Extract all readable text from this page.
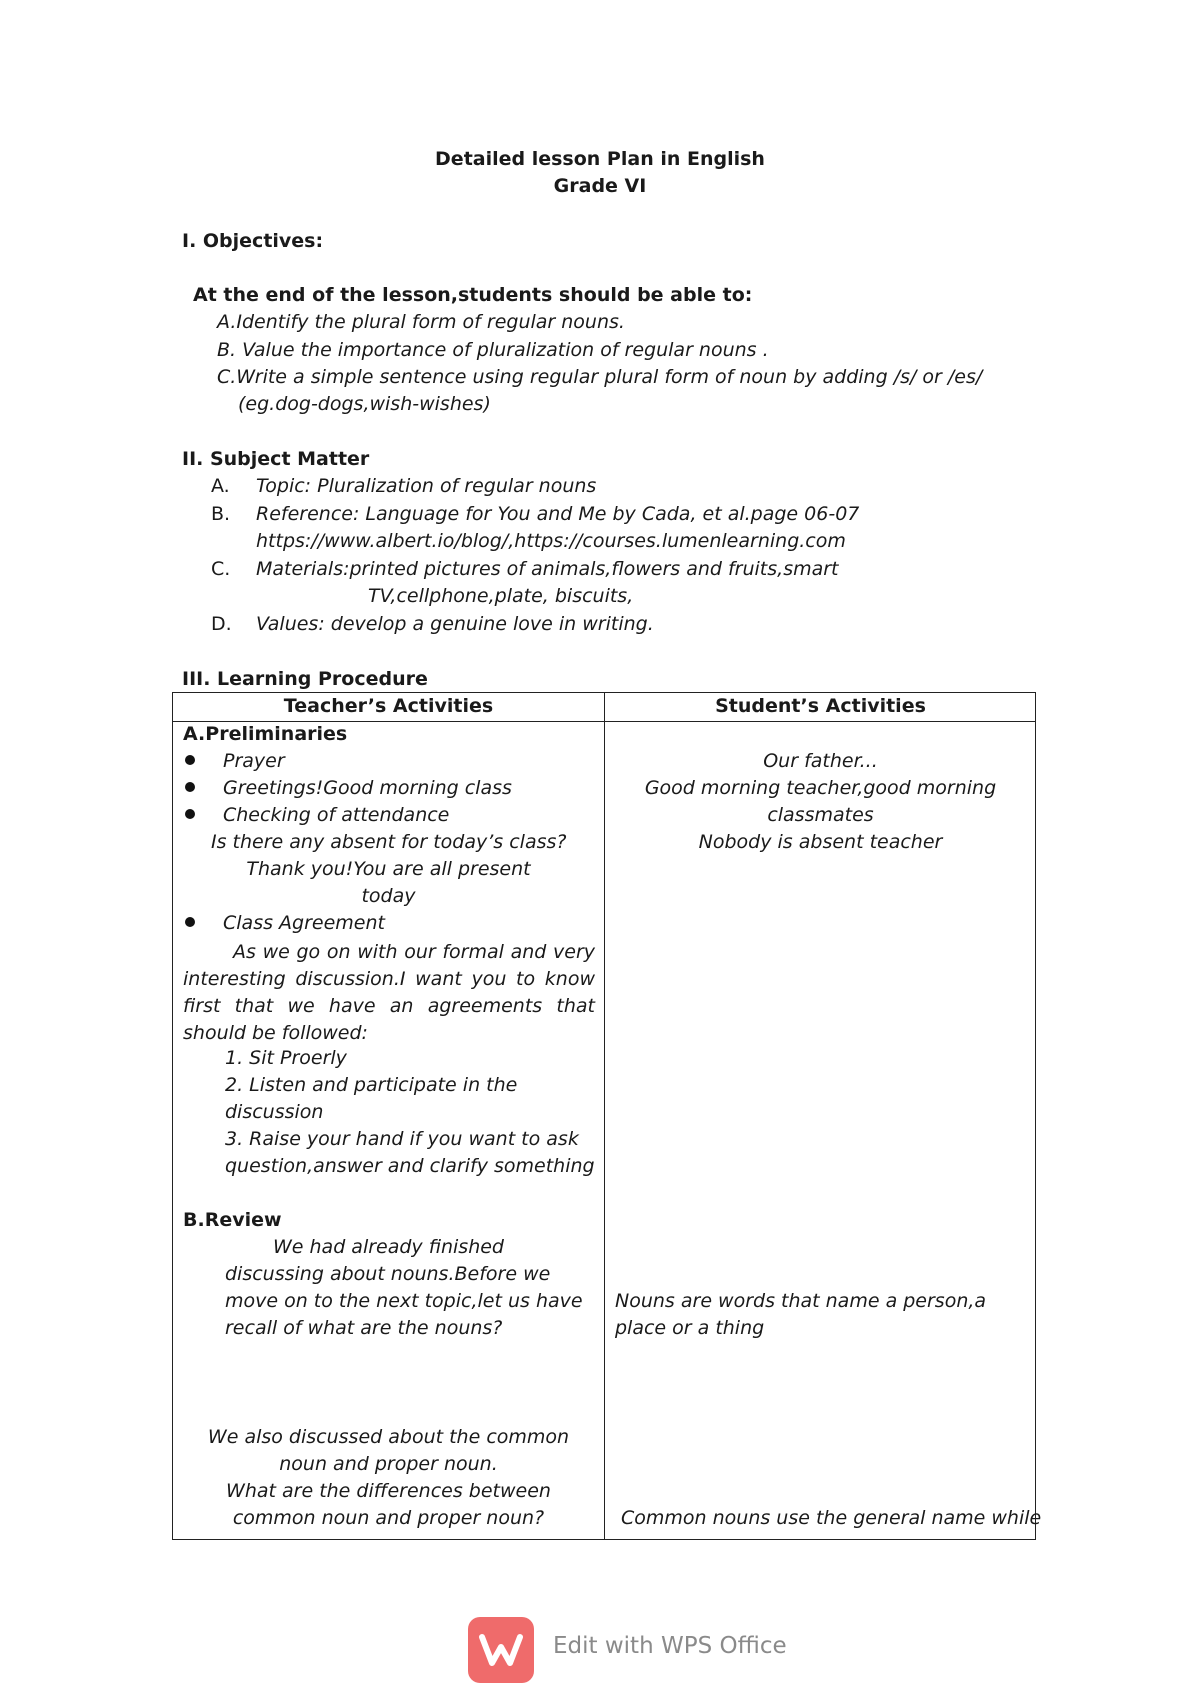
Detailed lesson Plan in English
Grade VI
I. Objectives:
At the end of the lesson,students should be able to:
A.Identify the plural form of regular nouns.
B. Value the importance of pluralization of regular nouns .
C.Write a simple sentence using regular plural form of noun by adding /s/ or /es/
(eg.dog-dogs,wish-wishes)
II. Subject Matter
A. Topic: Pluralization of regular nouns
B. Reference: Language for You and Me by Cada, et al.page 06-07
https://www.albert.io/blog/,https://courses.lumenlearning.com
C. Materials:printed pictures of animals,flowers and fruits,smart
TV,cellphone,plate, biscuits,
D. Values: develop a genuine love in writing.
III. Learning Procedure
Teacher’s Activities	Student’s Activities
A.Preliminaries
Prayer
Greetings!Good morning class
Checking of attendance
Is there any absent for today’s class?
Thank you!You are all present
today
Class Agreement
As we go on with our formal and very interesting discussion.I want you to know first that we have an agreements that should be followed:
1. Sit Proerly
2. Listen and participate in the
discussion
3. Raise your hand if you want to ask
question,answer and clarify something
B.Review
We had already finished
discussing about nouns.Before we
move on to the next topic,let us have
recall of what are the nouns?
We also discussed about the common
noun and proper noun.
What are the differences between
common noun and proper noun?
Our father...
Good morning teacher,good morning
classmates
Nobody is absent teacher
Nouns are words that name a person,a
place or a thing
Common nouns use the general name while
Edit with WPS Office
